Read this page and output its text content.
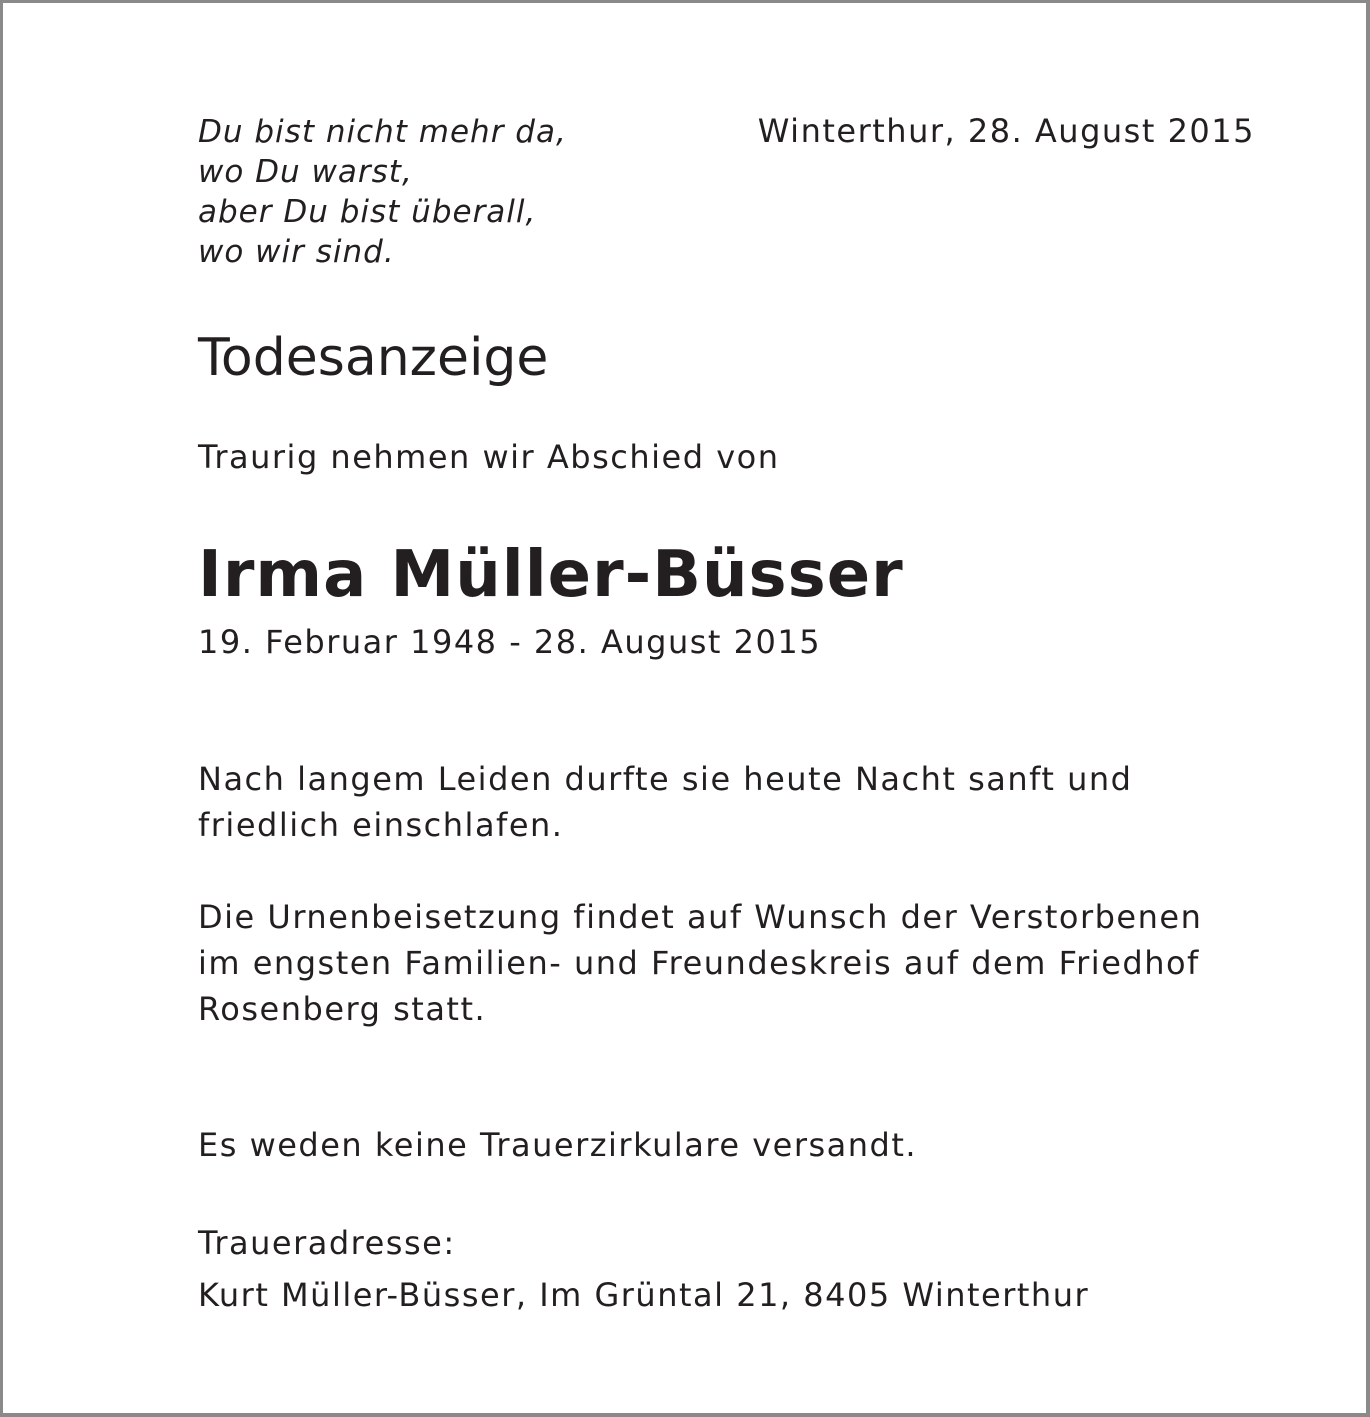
Du bist nicht mehr da,
wo Du warst,
aber Du bist überall,
wo wir sind.
Winterthur, 28. August 2015
Todesanzeige
Traurig nehmen wir Abschied von
Irma Müller-Büsser
19. Februar 1948 - 28. August 2015
Nach langem Leiden durfte sie heute Nacht sanft und
friedlich einschlafen.
Die Urnenbeisetzung findet auf Wunsch der Verstorbenen
im engsten Familien- und Freundeskreis auf dem Friedhof
Rosenberg statt.
Es weden keine Trauerzirkulare versandt.
Traueradresse:
Kurt Müller-Büsser, Im Grüntal 21, 8405 Winterthur
